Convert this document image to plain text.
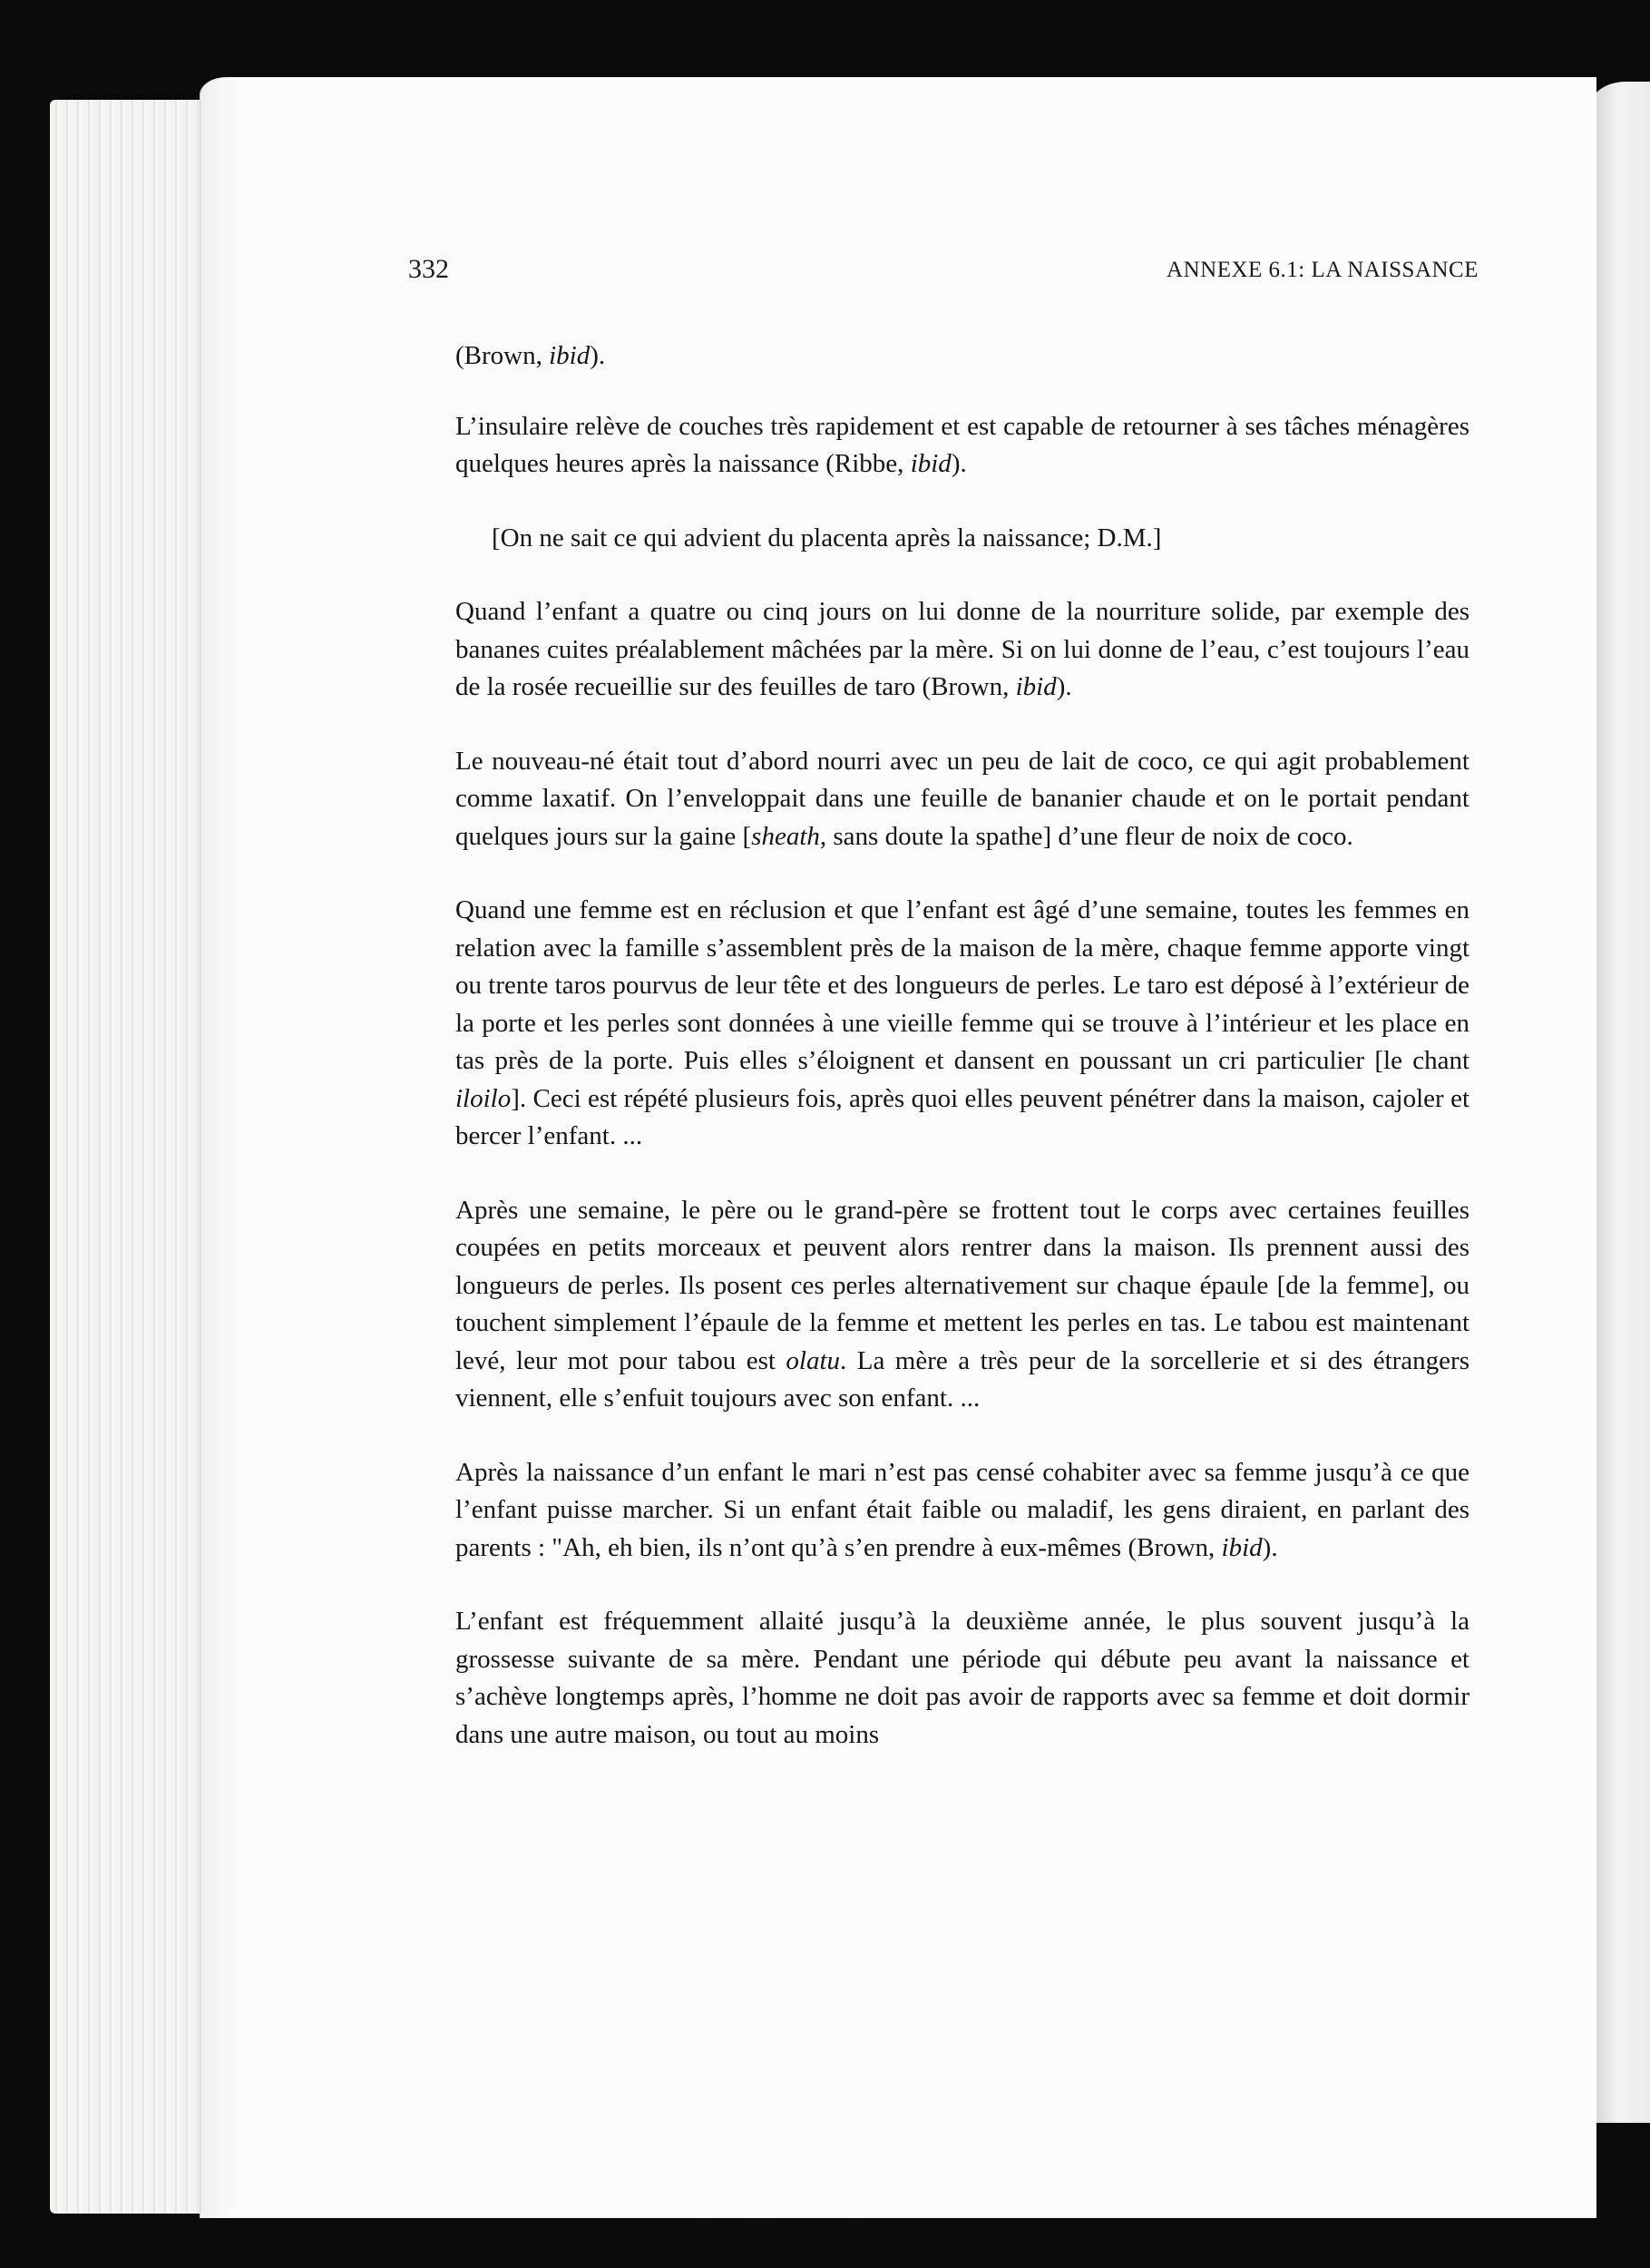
332	ANNEXE 6.1: LA NAISSANCE

(Brown, ibid).

L’insulaire relève de couches très rapidement et est capable de retourner à ses tâches ménagères quelques heures après la naissance (Ribbe, ibid).

[On ne sait ce qui advient du placenta après la naissance; D.M.]

Quand l’enfant a quatre ou cinq jours on lui donne de la nourriture solide, par exemple des bananes cuites préalablement mâchées par la mère. Si on lui donne de l’eau, c’est toujours l’eau de la rosée recueillie sur des feuilles de taro (Brown, ibid).

Le nouveau-né était tout d’abord nourri avec un peu de lait de coco, ce qui agit probablement comme laxatif. On l’enveloppait dans une feuille de bananier chaude et on le portait pendant quelques jours sur la gaine [sheath, sans doute la spathe] d’une fleur de noix de coco.

Quand une femme est en réclusion et que l’enfant est âgé d’une semaine, toutes les femmes en relation avec la famille s’assemblent près de la maison de la mère, chaque femme apporte vingt ou trente taros pourvus de leur tête et des longueurs de perles. Le taro est déposé à l’extérieur de la porte et les perles sont données à une vieille femme qui se trouve à l’intérieur et les place en tas près de la porte. Puis elles s’éloignent et dansent en poussant un cri particulier [le chant iloilo]. Ceci est répété plusieurs fois, après quoi elles peuvent pénétrer dans la maison, cajoler et bercer l’enfant. ...

Après une semaine, le père ou le grand-père se frottent tout le corps avec certaines feuilles coupées en petits morceaux et peuvent alors rentrer dans la maison. Ils prennent aussi des longueurs de perles. Ils posent ces perles alternativement sur chaque épaule [de la femme], ou touchent simplement l’épaule de la femme et mettent les perles en tas. Le tabou est maintenant levé, leur mot pour tabou est olatu. La mère a très peur de la sorcellerie et si des étrangers viennent, elle s’enfuit toujours avec son enfant. ...

Après la naissance d’un enfant le mari n’est pas censé cohabiter avec sa femme jusqu’à ce que l’enfant puisse marcher. Si un enfant était faible ou maladif, les gens diraient, en parlant des parents : "Ah, eh bien, ils n’ont qu’à s’en prendre à eux-mêmes (Brown, ibid).

L’enfant est fréquemment allaité jusqu’à la deuxième année, le plus souvent jusqu’à la grossesse suivante de sa mère. Pendant une période qui débute peu avant la naissance et s’achève longtemps après, l’homme ne doit pas avoir de rapports avec sa femme et doit dormir dans une autre maison, ou tout au moins
